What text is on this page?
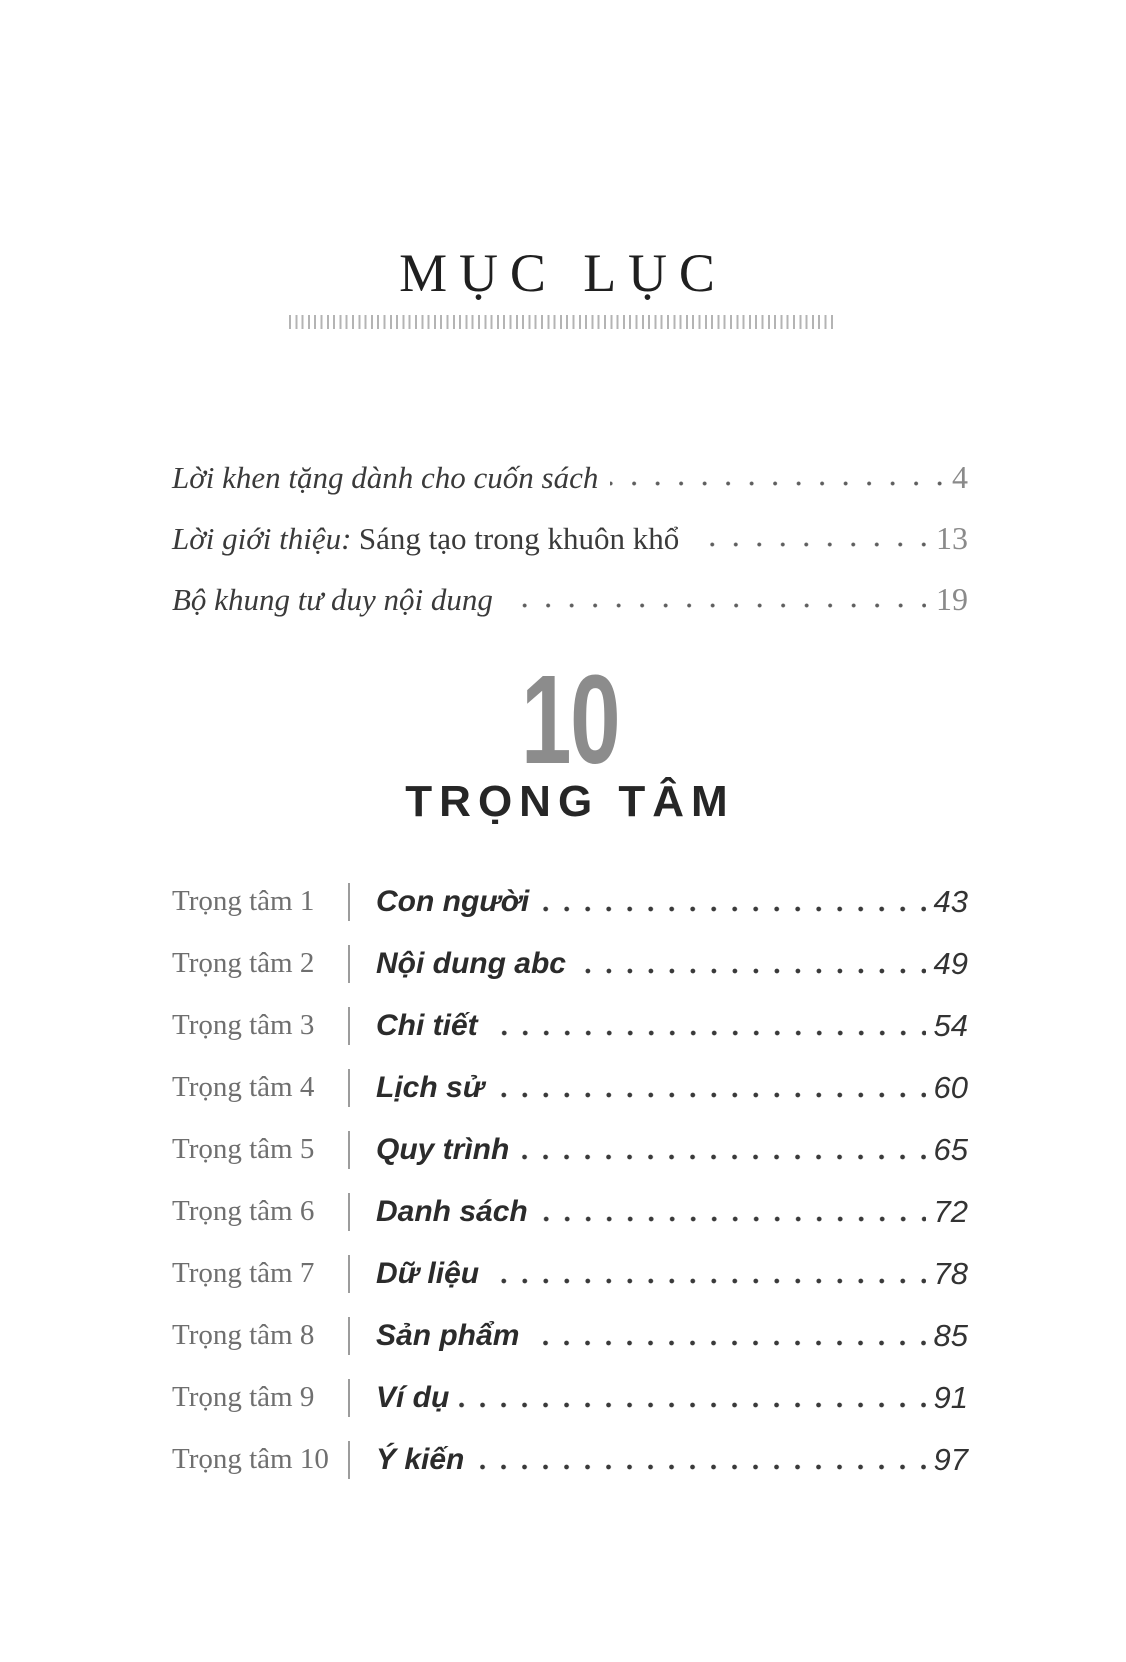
MỤC LỤC
Lời khen tặng dành cho cuốn sách	4
Lời giới thiệu: Sáng tạo trong khuôn khổ	13
Bộ khung tư duy nội dung	19
10
TRỌNG TÂM
Trọng tâm 1	Con người	43
Trọng tâm 2	Nội dung abc	49
Trọng tâm 3	Chi tiết	54
Trọng tâm 4	Lịch sử	60
Trọng tâm 5	Quy trình	65
Trọng tâm 6	Danh sách	72
Trọng tâm 7	Dữ liệu	78
Trọng tâm 8	Sản phẩm	85
Trọng tâm 9	Ví dụ	91
Trọng tâm 10	Ý kiến	97
